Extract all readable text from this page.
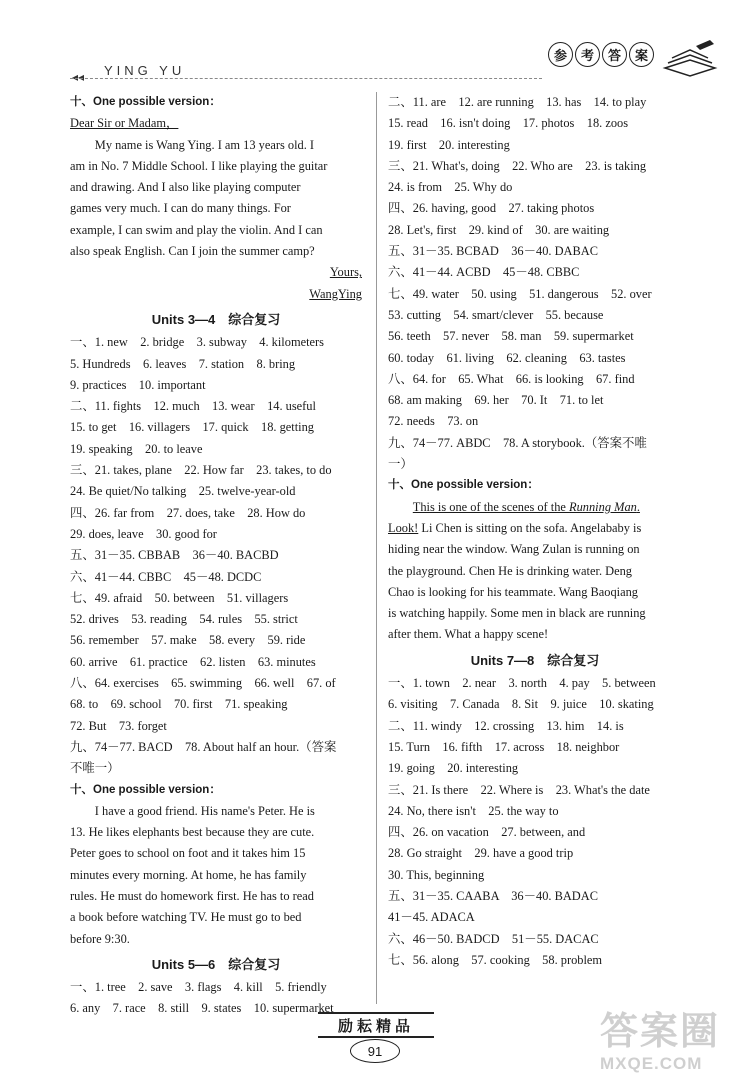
◂◂ YING YU
参	考	答	案
十、One possible version：
Dear Sir or Madam，
My name is Wang Ying. I am 13 years old. I
am in No. 7 Middle School. I like playing the guitar
and drawing. And I also like playing computer
games very much. I can do many things. For
example, I can swim and play the violin. And I can
also speak English. Can I join the summer camp?
Yours,
WangYing
Units 3—4　综合复习
一、1. new　2. bridge　3. subway　4. kilometers
5. Hundreds　6. leaves　7. station　8. bring
9. practices　10. important
二、11. fights　12. much　13. wear　14. useful
15. to get　16. villagers　17. quick　18. getting
19. speaking　20. to leave
三、21. takes, plane　22. How far　23. takes, to do
24. Be quiet/No talking　25. twelve-year-old
四、26. far from　27. does, take　28. How do
29. does, leave　30. good for
五、31－35. CBBAB　36－40. BACBD
六、41－44. CBBC　45－48. DCDC
七、49. afraid　50. between　51. villagers
52. drives　53. reading　54. rules　55. strict
56. remember　57. make　58. every　59. ride
60. arrive　61. practice　62. listen　63. minutes
八、64. exercises　65. swimming　66. well　67. of
68. to　69. school　70. first　71. speaking
72. But　73. forget
九、74－77. BACD　78. About half an hour.（答案
不唯一）
十、One possible version：
I have a good friend. His name's Peter. He is
13. He likes elephants best because they are cute.
Peter goes to school on foot and it takes him 15
minutes every morning. At home, he has family
rules. He must do homework first. He has to read
a book before watching TV. He must go to bed
before 9:30.
Units 5—6　综合复习
一、1. tree　2. save　3. flags　4. kill　5. friendly
6. any　7. race　8. still　9. states　10. supermarket
二、11. are　12. are running　13. has　14. to play
15. read　16. isn't doing　17. photos　18. zoos
19. first　20. interesting
三、21. What's, doing　22. Who are　23. is taking
24. is from　25. Why do
四、26. having, good　27. taking photos
28. Let's, first　29. kind of　30. are waiting
五、31－35. BCBAD　36－40. DABAC
六、41－44. ACBD　45－48. CBBC
七、49. water　50. using　51. dangerous　52. over
53. cutting　54. smart/clever　55. because
56. teeth　57. never　58. man　59. supermarket
60. today　61. living　62. cleaning　63. tastes
八、64. for　65. What　66. is looking　67. find
68. am making　69. her　70. It　71. to let
72. needs　73. on
九、74－77. ABDC　78. A storybook.（答案不唯
一）
十、One possible version：
This is one of the scenes of the Running Man.
Look! Li Chen is sitting on the sofa. Angelababy is
hiding near the window. Wang Zulan is running on
the playground. Chen He is drinking water. Deng
Chao is looking for his teammate. Wang Baoqiang
is watching happily. Some men in black are running
after them. What a happy scene!
Units 7—8　综合复习
一、1. town　2. near　3. north　4. pay　5. between
6. visiting　7. Canada　8. Sit　9. juice　10. skating
二、11. windy　12. crossing　13. him　14. is
15. Turn　16. fifth　17. across　18. neighbor
19. going　20. interesting
三、21. Is there　22. Where is　23. What's the date
24. No, there isn't　25. the way to
四、26. on vacation　27. between, and
28. Go straight　29. have a good trip
30. This, beginning
五、31－35. CAABA　36－40. BADAC
41－45. ADACA
六、46－50. BADCD　51－55. DACAC
七、56. along　57. cooking　58. problem
励耘精品
91	答案圈
MXQE.COM
